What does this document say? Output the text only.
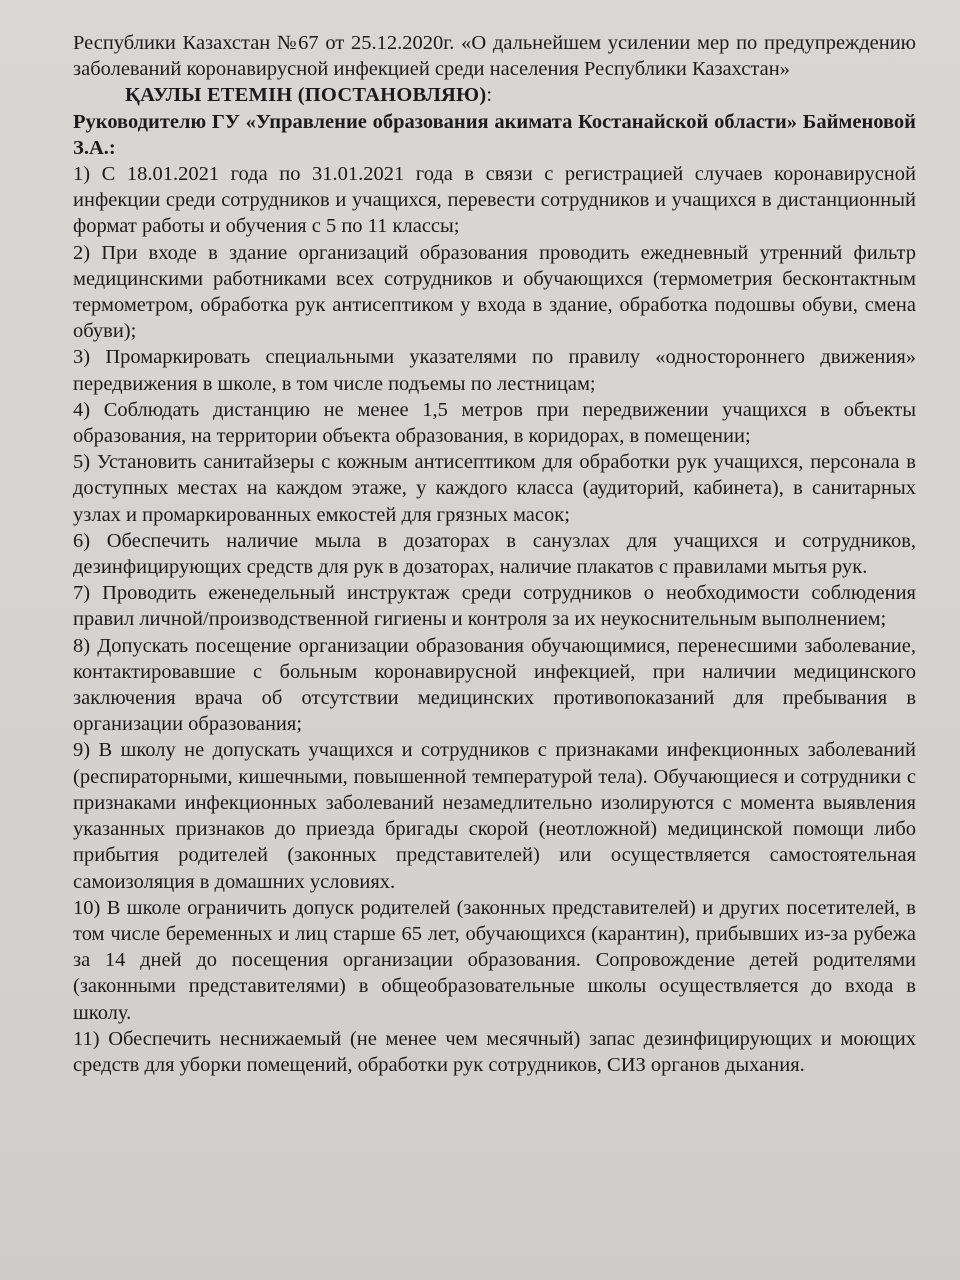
Республики Казахстан №67 от 25.12.2020г. «О дальнейшем усилении мер по предупреждению заболеваний коронавирусной инфекцией среди населения Республики Казахстан»

ҚАУЛЫ ЕТЕМІН (ПОСТАНОВЛЯЮ):

Руководителю ГУ «Управление образования акимата Костанайской области» Байменовой З.А.:

1) С 18.01.2021 года по 31.01.2021 года в связи с регистрацией случаев коронавирусной инфекции среди сотрудников и учащихся, перевести сотрудников и учащихся в дистанционный формат работы и обучения с 5 по 11 классы;

2) При входе в здание организаций образования проводить ежедневный утренний фильтр медицинскими работниками всех сотрудников и обучающихся (термометрия бесконтактным термометром, обработка рук антисептиком у входа в здание, обработка подошвы обуви, смена обуви);

3) Промаркировать специальными указателями по правилу «одностороннего движения» передвижения в школе, в том числе подъемы по лестницам;

4) Соблюдать дистанцию не менее 1,5 метров при передвижении учащихся в объекты образования, на территории объекта образования, в коридорах, в помещении;

5) Установить санитайзеры с кожным антисептиком для обработки рук учащихся, персонала в доступных местах на каждом этаже, у каждого класса (аудиторий, кабинета), в санитарных узлах и промаркированных емкостей для грязных масок;

6) Обеспечить наличие мыла в дозаторах в санузлах для учащихся и сотрудников, дезинфицирующих средств для рук в дозаторах, наличие плакатов с правилами мытья рук.

7) Проводить еженедельный инструктаж среди сотрудников о необходимости соблюдения правил личной/производственной гигиены и контроля за их неукоснительным выполнением;

8) Допускать посещение организации образования обучающимися, перенесшими заболевание, контактировавшие с больным коронавирусной инфекцией, при наличии медицинского заключения врача об отсутствии медицинских противопоказаний для пребывания в организации образования;

9) В школу не допускать учащихся и сотрудников с признаками инфекционных заболеваний (респираторными, кишечными, повышенной температурой тела). Обучающиеся и сотрудники с признаками инфекционных заболеваний незамедлительно изолируются с момента выявления указанных признаков до приезда бригады скорой (неотложной) медицинской помощи либо прибытия родителей (законных представителей) или осуществляется самостоятельная самоизоляция в домашних условиях.

10) В школе ограничить допуск родителей (законных представителей) и других посетителей, в том числе беременных и лиц старше 65 лет, обучающихся (карантин), прибывших из-за рубежа за 14 дней до посещения организации образования. Сопровождение детей родителями (законными представителями) в общеобразовательные школы осуществляется до входа в школу.

11) Обеспечить неснижаемый (не менее чем месячный) запас дезинфицирующих и моющих средств для уборки помещений, обработки рук сотрудников, СИЗ органов дыхания.
